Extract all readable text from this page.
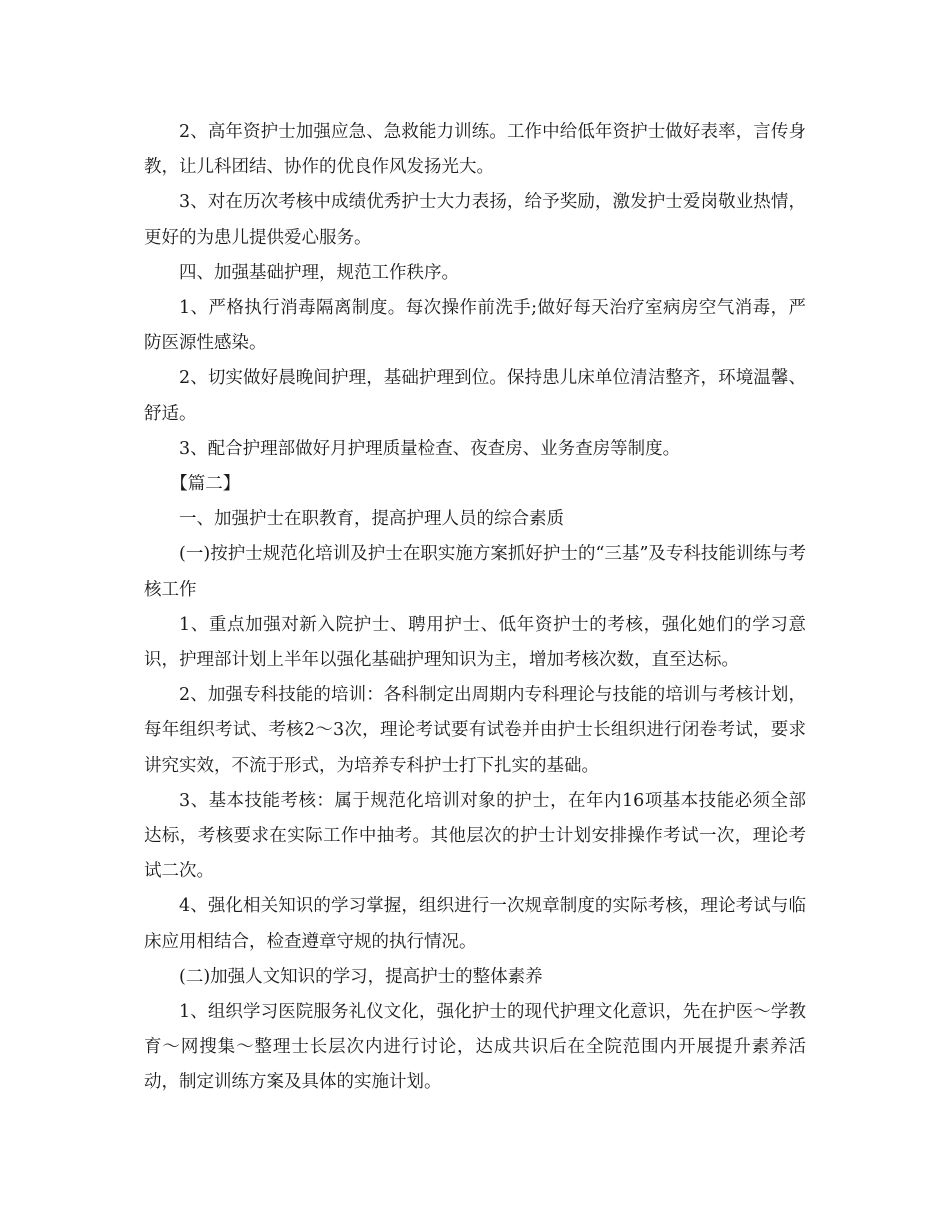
2、高年资护士加强应急、急救能力训练。工作中给低年资护士做好表率，言传身教，让儿科团结、协作的优良作风发扬光大。

3、对在历次考核中成绩优秀护士大力表扬，给予奖励，激发护士爱岗敬业热情，更好的为患儿提供爱心服务。

四、加强基础护理，规范工作秩序。

1、严格执行消毒隔离制度。每次操作前洗手;做好每天治疗室病房空气消毒，严防医源性感染。

2、切实做好晨晚间护理，基础护理到位。保持患儿床单位清洁整齐，环境温馨、舒适。

3、配合护理部做好月护理质量检查、夜查房、业务查房等制度。

【篇二】

一、加强护士在职教育，提高护理人员的综合素质

(一)按护士规范化培训及护士在职实施方案抓好护士的“三基”及专科技能训练与考核工作

1、重点加强对新入院护士、聘用护士、低年资护士的考核，强化她们的学习意识，护理部计划上半年以强化基础护理知识为主，增加考核次数，直至达标。

2、加强专科技能的培训：各科制定出周期内专科理论与技能的培训与考核计划，每年组织考试、考核2～3次，理论考试要有试卷并由护士长组织进行闭卷考试，要求讲究实效，不流于形式，为培养专科护士打下扎实的基础。

3、基本技能考核：属于规范化培训对象的护士，在年内16项基本技能必须全部达标，考核要求在实际工作中抽考。其他层次的护士计划安排操作考试一次，理论考试二次。

4、强化相关知识的学习掌握，组织进行一次规章制度的实际考核，理论考试与临床应用相结合，检查遵章守规的执行情况。

(二)加强人文知识的学习，提高护士的整体素养

1、组织学习医院服务礼仪文化，强化护士的现代护理文化意识，先在护医～学教育～网搜集～整理士长层次内进行讨论，达成共识后在全院范围内开展提升素养活动，制定训练方案及具体的实施计划。
